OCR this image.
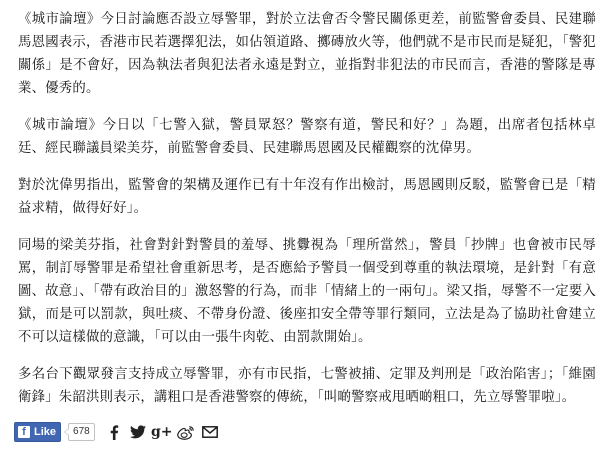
《城市論壇》今日討論應否設立辱警罪，對於立法會否令警民關係更差，前監警會委員、民建聯馬恩國表示，香港市民若選擇犯法，如佔領道路、擲磚放火等，他們就不是市民而是疑犯，「警犯關係」是不會好，因為執法者與犯法者永遠是對立，並指對非犯法的市民而言，香港的警隊是專業、優秀的。

《城市論壇》今日以「七警入獄，警員眾怒？警察有道，警民和好？」為題，出席者包括林卓廷、經民聯議員梁美芬，前監警會委員、民建聯馬恩國及民權觀察的沈偉男。

對於沈偉男指出，監警會的架構及運作已有十年沒有作出檢討，馬恩國則反駁，監警會已是「精益求精，做得好好」。

同場的梁美芬指，社會對針對警員的羞辱、挑釁視為「理所當然」，警員「抄牌」也會被市民辱罵，制訂辱警罪是希望社會重新思考，是否應給予警員一個受到尊重的執法環境，是針對「有意圖、故意」、「帶有政治目的」激怒警的行為，而非「情緒上的一兩句」。梁又指，辱警不一定要入獄，而是可以罰款，與吐痰、不帶身份證、後座扣安全帶等罪行類同，立法是為了協助社會建立不可以這樣做的意識，「可以由一張牛肉乾、由罰款開始」。

多名台下觀眾發言支持成立辱警罪，亦有市民指，七警被捕、定罪及判刑是「政治陷害」；「維園衛鋒」朱韶洪則表示，講粗口是香港警察的傳統，「叫啲警察戒甩晒啲粗口，先立辱警罪啦」。

f Like	678	g+
